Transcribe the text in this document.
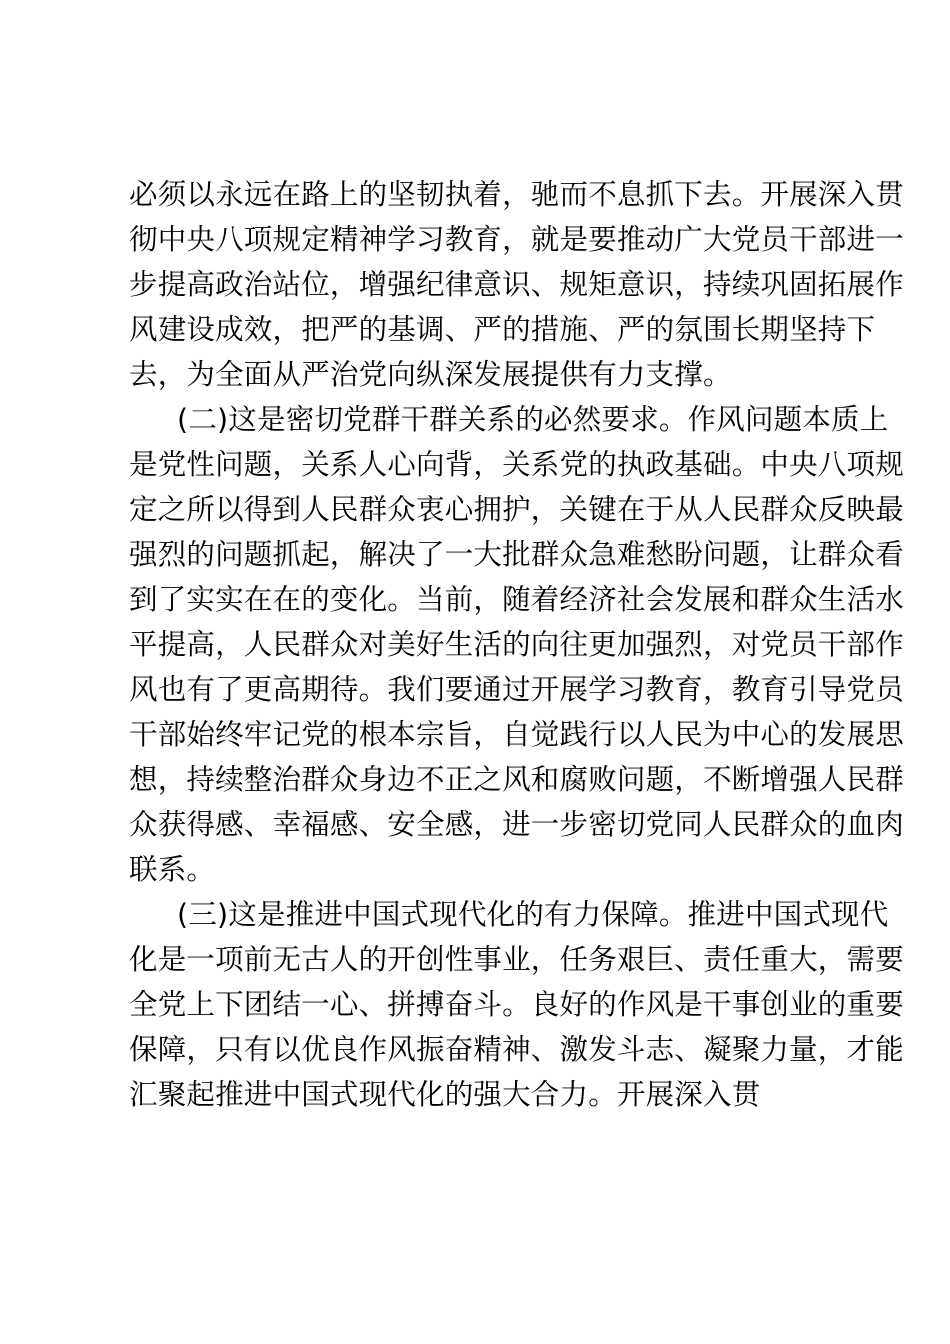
必须以永远在路上的坚韧执着，驰而不息抓下去。开展深入贯
彻中央八项规定精神学习教育，就是要推动广大党员干部进一
步提高政治站位，增强纪律意识、规矩意识，持续巩固拓展作
风建设成效，把严的基调、严的措施、严的氛围长期坚持下
去，为全面从严治党向纵深发展提供有力支撑。
(二)这是密切党群干群关系的必然要求。作风问题本质上
是党性问题，关系人心向背，关系党的执政基础。中央八项规
定之所以得到人民群众衷心拥护，关键在于从人民群众反映最
强烈的问题抓起，解决了一大批群众急难愁盼问题，让群众看
到了实实在在的变化。当前，随着经济社会发展和群众生活水
平提高，人民群众对美好生活的向往更加强烈，对党员干部作
风也有了更高期待。我们要通过开展学习教育，教育引导党员
干部始终牢记党的根本宗旨，自觉践行以人民为中心的发展思
想，持续整治群众身边不正之风和腐败问题，不断增强人民群
众获得感、幸福感、安全感，进一步密切党同人民群众的血肉
联系。
(三)这是推进中国式现代化的有力保障。推进中国式现代
化是一项前无古人的开创性事业，任务艰巨、责任重大，需要
全党上下团结一心、拼搏奋斗。良好的作风是干事创业的重要
保障，只有以优良作风振奋精神、激发斗志、凝聚力量，才能
汇聚起推进中国式现代化的强大合力。开展深入贯
